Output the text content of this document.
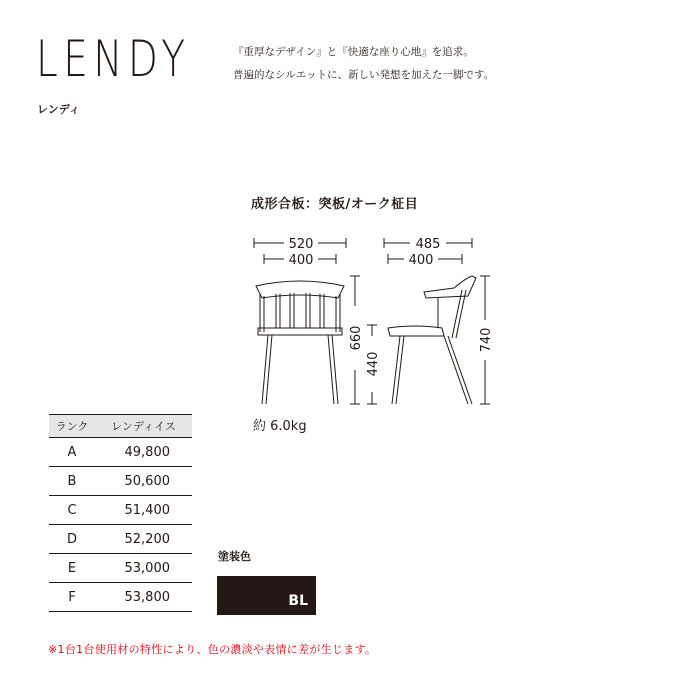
LENDY
レンディ
『重厚なデザイン』と『快適な座り心地』を追求。
普遍的なシルエットに、新しい発想を加えた一脚です。
成形合板：突板/オーク柾目
520
400
485
400
660
440
740
約 6.0kg
ランク	レンディイス
A	49,800
B	50,600
C	51,400
D	52,200
E	53,000
F	53,800
塗装色
BL
※1台1台使用材の特性により、色の濃淡や表情に差が生じます。
